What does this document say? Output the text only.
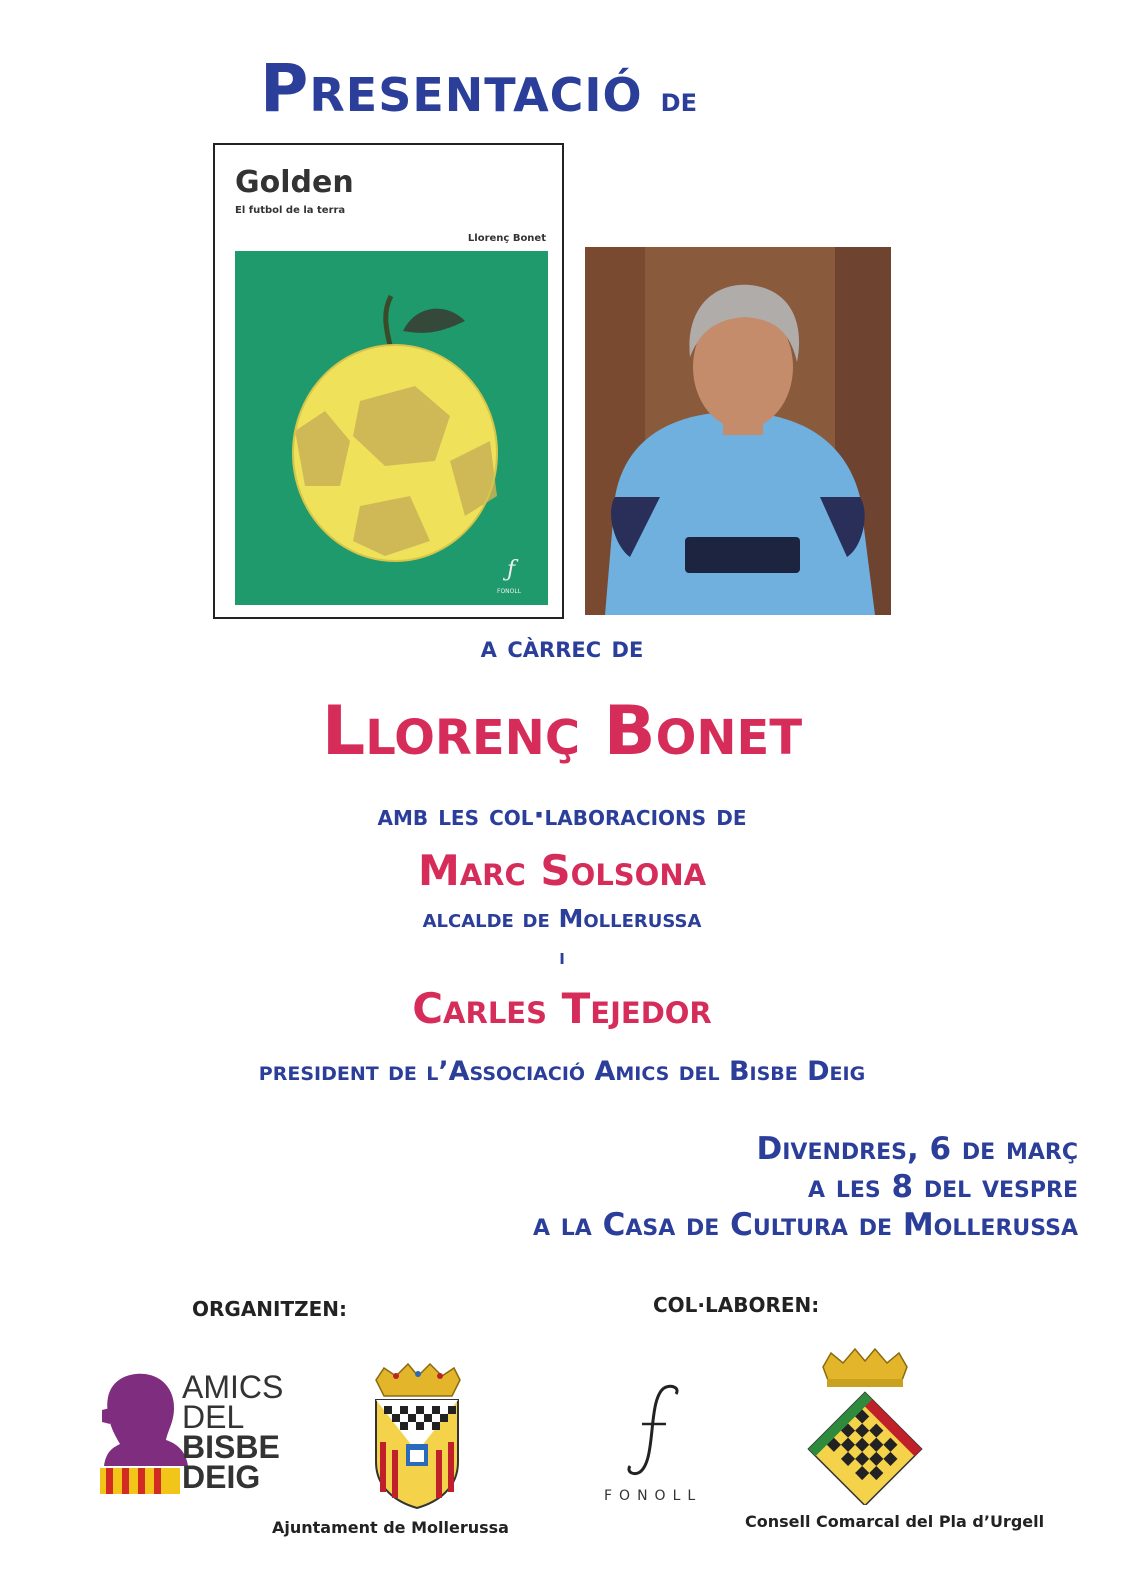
Presentació de
Golden
El futbol de la terra
Llorenç Bonet
ƒ
FONOLL
a càrrec de
Llorenç Bonet
amb les col·laboracions de
Marc Solsona
alcalde de Mollerussa
i
Carles Tejedor
president de l’Associació Amics del Bisbe Deig
Divendres, 6 de març
a les 8 del vespre
a la Casa de Cultura de Mollerussa
ORGANITZEN:	COL·LABOREN:
AMICS
DEL
BISBE
DEIG
Ajuntament de Mollerussa
FONOLL
Consell Comarcal del Pla d’Urgell
